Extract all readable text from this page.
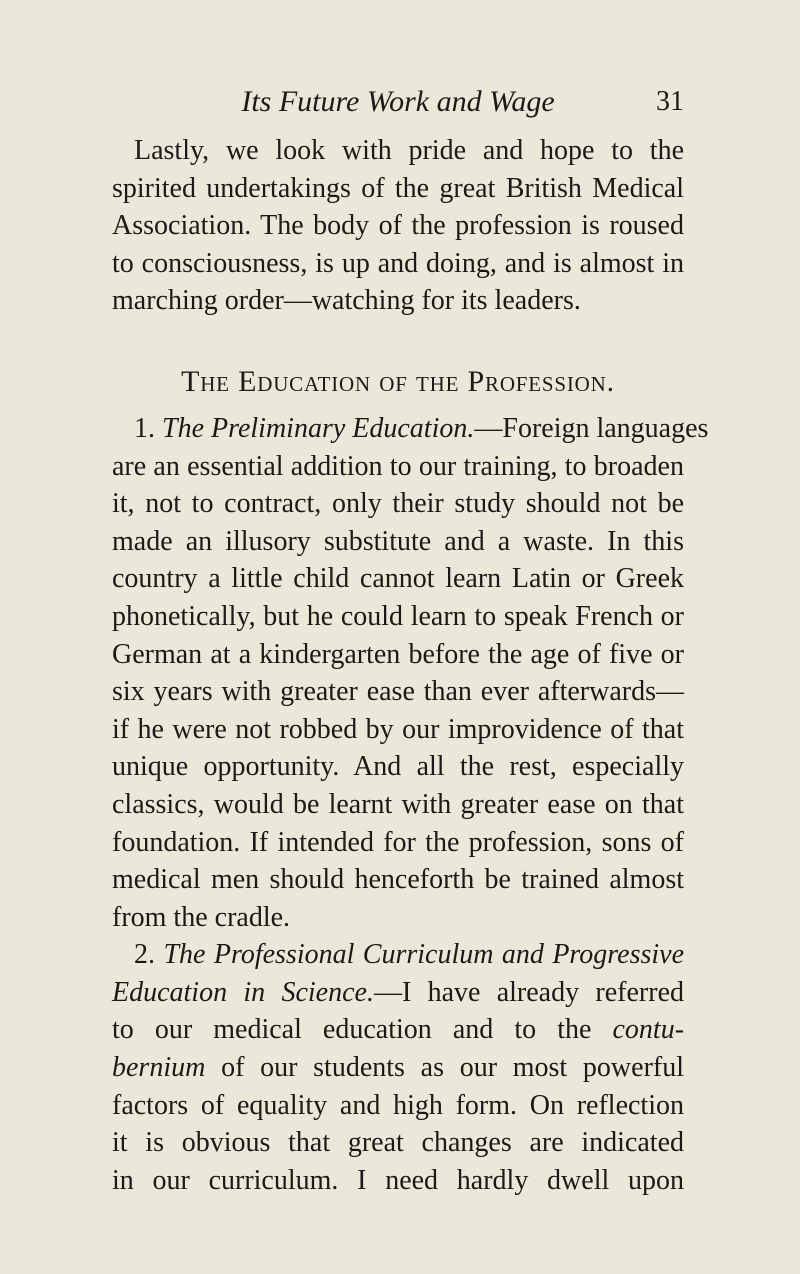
Its Future Work and Wage	31
Lastly, we look with pride and hope to the
spirited undertakings of the great British Medical
Association. The body of the profession is roused
to consciousness, is up and doing, and is almost in
marching order—watching for its leaders.
The Education of the Profession.
1. The Preliminary Education.—Foreign languages
are an essential addition to our training, to broaden
it, not to contract, only their study should not be
made an illusory substitute and a waste. In this
country a little child cannot learn Latin or Greek
phonetically, but he could learn to speak French or
German at a kindergarten before the age of five or
six years with greater ease than ever afterwards—
if he were not robbed by our improvidence of that
unique opportunity. And all the rest, especially
classics, would be learnt with greater ease on that
foundation. If intended for the profession, sons of
medical men should henceforth be trained almost
from the cradle.
2. The Professional Curriculum and Progressive
Education in Science.—I have already referred
to our medical education and to the contu-
bernium of our students as our most powerful
factors of equality and high form. On reflection
it is obvious that great changes are indicated
in our curriculum. I need hardly dwell upon
